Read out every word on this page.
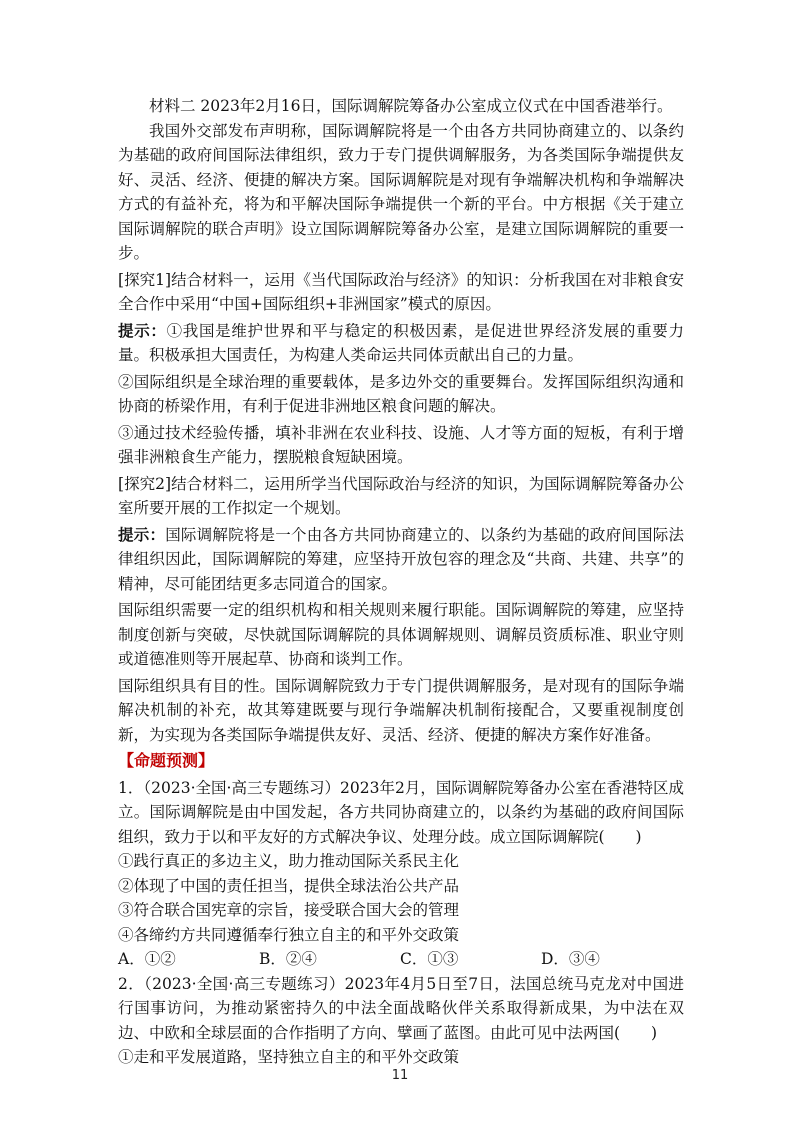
材料二 2023年2月16日，国际调解院筹备办公室成立仪式在中国香港举行。

我国外交部发布声明称，国际调解院将是一个由各方共同协商建立的、以条约为基础的政府间国际法律组织，致力于专门提供调解服务，为各类国际争端提供友好、灵活、经济、便捷的解决方案。国际调解院是对现有争端解决机构和争端解决方式的有益补充，将为和平解决国际争端提供一个新的平台。中方根据《关于建立国际调解院的联合声明》设立国际调解院筹备办公室，是建立国际调解院的重要一步。

[探究1]结合材料一，运用《当代国际政治与经济》的知识：分析我国在对非粮食安全合作中采用“中国+国际组织+非洲国家”模式的原因。

提示：①我国是维护世界和平与稳定的积极因素，是促进世界经济发展的重要力量。积极承担大国责任，为构建人类命运共同体贡献出自己的力量。

②国际组织是全球治理的重要载体，是多边外交的重要舞台。发挥国际组织沟通和协商的桥梁作用，有利于促进非洲地区粮食问题的解决。

③通过技术经验传播，填补非洲在农业科技、设施、人才等方面的短板，有利于增强非洲粮食生产能力，摆脱粮食短缺困境。

[探究2]结合材料二，运用所学当代国际政治与经济的知识，为国际调解院筹备办公室所要开展的工作拟定一个规划。

提示：国际调解院将是一个由各方共同协商建立的、以条约为基础的政府间国际法律组织因此，国际调解院的筹建，应坚持开放包容的理念及“共商、共建、共享”的精神，尽可能团结更多志同道合的国家。

国际组织需要一定的组织机构和相关规则来履行职能。国际调解院的筹建，应坚持制度创新与突破，尽快就国际调解院的具体调解规则、调解员资质标准、职业守则或道德准则等开展起草、协商和谈判工作。

国际组织具有目的性。国际调解院致力于专门提供调解服务，是对现有的国际争端解决机制的补充，故其筹建既要与现行争端解决机制衔接配合，又要重视制度创新，为实现为各类国际争端提供友好、灵活、经济、便捷的解决方案作好准备。

【命题预测】

1．（2023·全国·高三专题练习）2023年2月，国际调解院筹备办公室在香港特区成立。国际调解院是由中国发起，各方共同协商建立的，以条约为基础的政府间国际组织，致力于以和平友好的方式解决争议、处理分歧。成立国际调解院(　　)

①践行真正的多边主义，助力推动国际关系民主化

②体现了中国的责任担当，提供全球法治公共产品

③符合联合国宪章的宗旨，接受联合国大会的管理

④各缔约方共同遵循奉行独立自主的和平外交政策

A．①②	B．②④	C．①③	D．③④

2．（2023·全国·高三专题练习）2023年4月5日至7日，法国总统马克龙对中国进行国事访问，为推动紧密持久的中法全面战略伙伴关系取得新成果，为中法在双边、中欧和全球层面的合作指明了方向、擘画了蓝图。由此可见中法两国(　　)

①走和平发展道路，坚持独立自主的和平外交政策

11
